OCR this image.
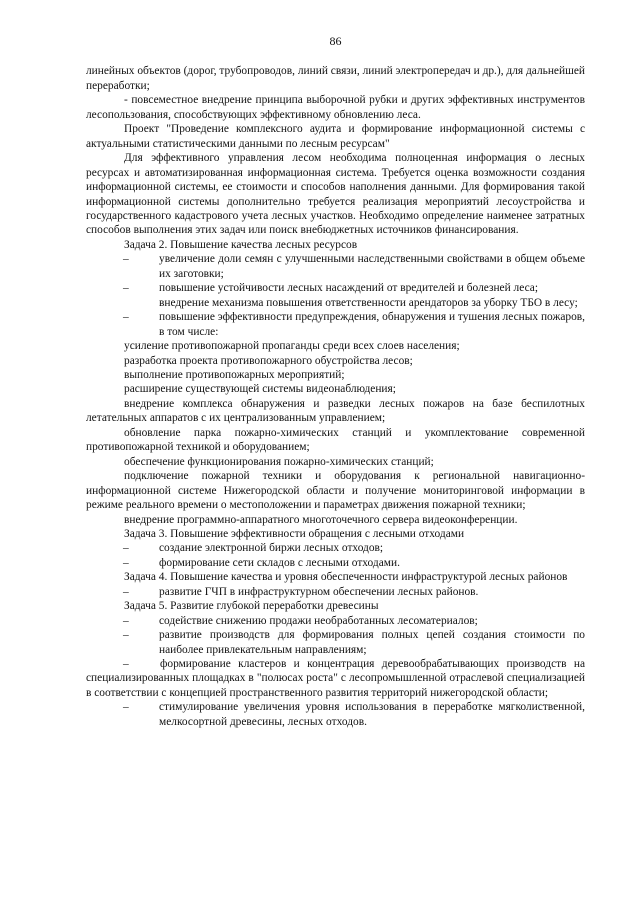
86

линейных объектов (дорог, трубопроводов, линий связи, линий электропередач и др.), для дальнейшей переработки;

- повсеместное внедрение принципа выборочной рубки и других эффективных инструментов лесопользования, способствующих эффективному обновлению леса.

Проект "Проведение комплексного аудита и формирование информационной системы с актуальными статистическими данными по лесным ресурсам"

Для эффективного управления лесом необходима полноценная информация о лесных ресурсах и автоматизированная информационная система. Требуется оценка возможности создания информационной системы, ее стоимости и способов наполнения данными. Для формирования такой информационной системы дополнительно требуется реализация мероприятий лесоустройства и государственного кадастрового учета лесных участков. Необходимо определение наименее затратных способов выполнения этих задач или поиск внебюджетных источников финансирования.

Задача 2. Повышение качества лесных ресурсов

–	увеличение доли семян с улучшенными наследственными свойствами в общем объеме их заготовки;
–	повышение устойчивости лесных насаждений от вредителей и болезней леса;
внедрение механизма повышения ответственности арендаторов за уборку ТБО в лесу;
–	повышение эффективности предупреждения, обнаружения и тушения лесных пожаров, в том числе:

усиление противопожарной пропаганды среди всех слоев населения;

разработка проекта противопожарного обустройства лесов;

выполнение противопожарных мероприятий;

расширение существующей системы видеонаблюдения;

внедрение комплекса обнаружения и разведки лесных пожаров на базе беспилотных летательных аппаратов с их централизованным управлением;

обновление парка пожарно-химических станций и укомплектование современной противопожарной техникой и оборудованием;

обеспечение функционирования пожарно-химических станций;

подключение пожарной техники и оборудования к региональной навигационно-информационной системе Нижегородской области и получение мониторинговой информации в режиме реального времени о местоположении и параметрах движения пожарной техники;

внедрение программно-аппаратного многоточечного сервера видеоконференции.

Задача 3. Повышение эффективности обращения с лесными отходами

–	создание электронной биржи лесных отходов;
–	формирование сети складов с лесными отходами.

Задача 4. Повышение качества и уровня обеспеченности инфраструктурой лесных районов

–	развитие ГЧП в инфраструктурном обеспечении лесных районов.

Задача 5. Развитие глубокой переработки древесины

–	содействие снижению продажи необработанных лесоматериалов;
–	развитие производств для формирования полных цепей создания стоимости по наиболее привлекательным направлениям;

–	формирование кластеров и концентрация деревообрабатывающих производств на специализированных площадках в "полюсах роста" с лесопромышленной отраслевой специализацией в соответствии с концепцией пространственного развития территорий нижегородской области;

–	стимулирование увеличения уровня использования в переработке мягколиственной, мелкосортной древесины, лесных отходов.
